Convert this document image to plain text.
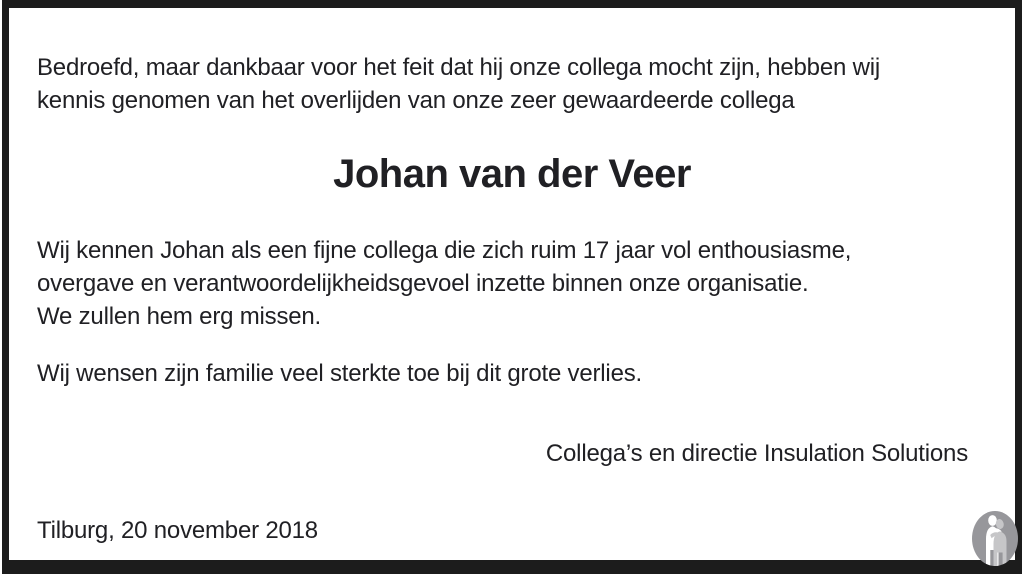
Bedroefd, maar dankbaar voor het feit dat hij onze collega mocht zijn, hebben wij
kennis genomen van het overlijden van onze zeer gewaardeerde collega
Johan van der Veer
Wij kennen Johan als een fijne collega die zich ruim 17 jaar vol enthousiasme,
overgave en verantwoordelijkheidsgevoel inzette binnen onze organisatie.
We zullen hem erg missen.
Wij wensen zijn familie veel sterkte toe bij dit grote verlies.
Collega’s en directie Insulation Solutions
Tilburg, 20 november 2018
